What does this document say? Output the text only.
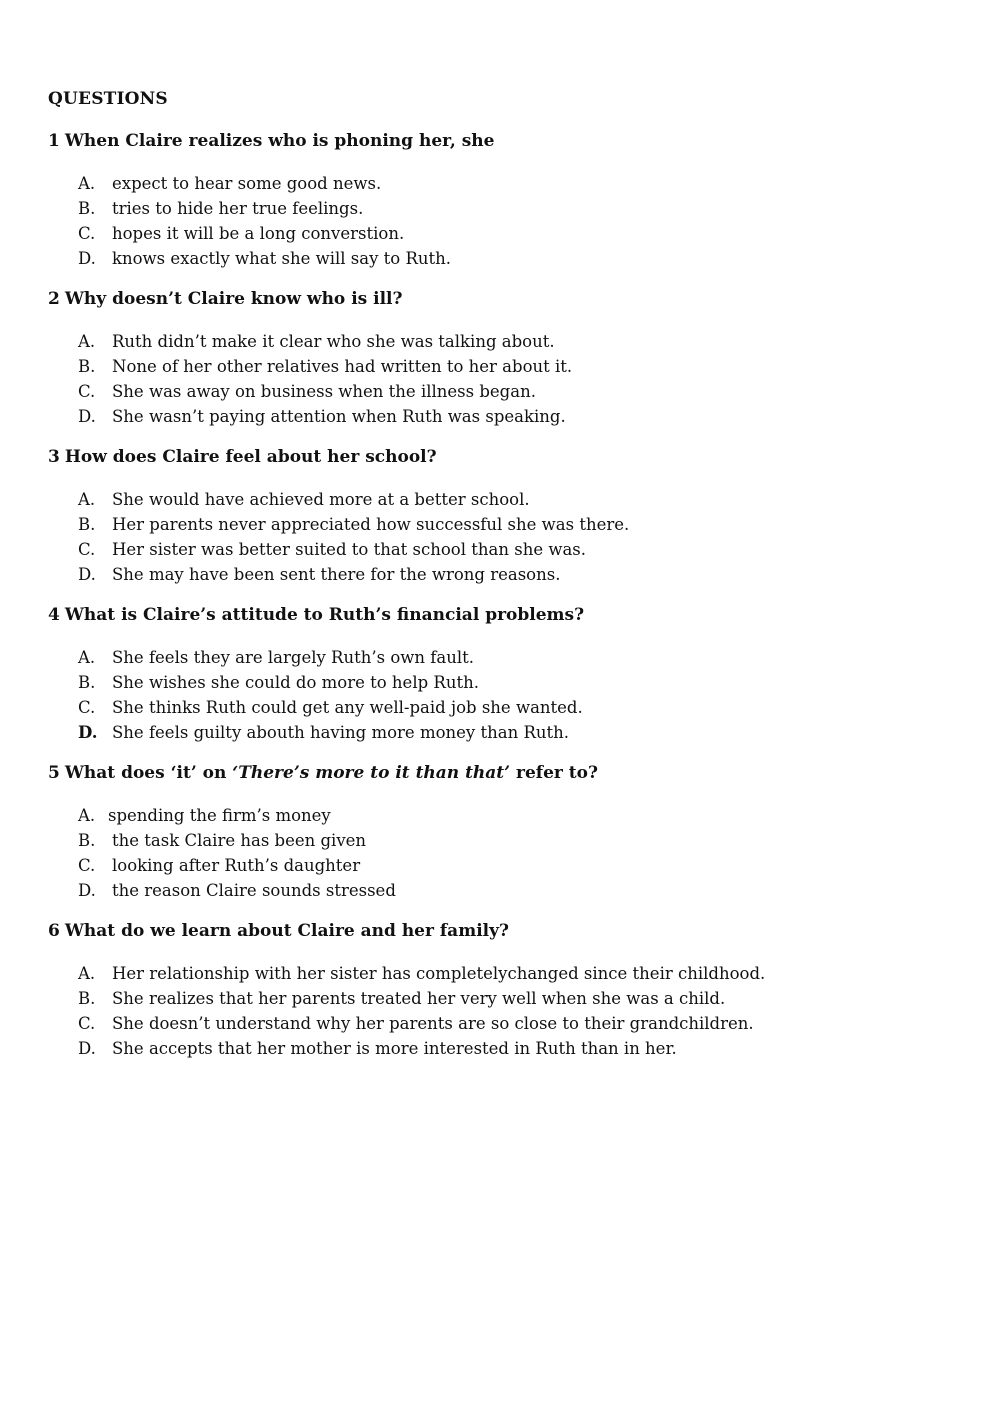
QUESTIONS
1 When Claire realizes who is phoning her, she
A. expect to hear some good news.
B. tries to hide her true feelings.
C. hopes it will be a long converstion.
D. knows exactly what she will say to Ruth.
2 Why doesn’t Claire know who is ill?
A. Ruth didn’t make it clear who she was talking about.
B. None of her other relatives had written to her about it.
C. She was away on business when the illness began.
D. She wasn’t paying attention when Ruth was speaking.
3 How does Claire feel about her school?
A. She would have achieved more at a better school.
B. Her parents never appreciated how successful she was there.
C. Her sister was better suited to that school than she was.
D. She may have been sent there for the wrong reasons.
4 What is Claire’s attitude to Ruth’s financial problems?
A. She feels they are largely Ruth’s own fault.
B. She wishes she could do more to help Ruth.
C. She thinks Ruth could get any well-paid job she wanted.
D. She feels guilty abouth having more money than Ruth.
5 What does ‘it’ on ‘There’s more to it than that’ refer to?
A. spending the firm’s money
B. the task Claire has been given
C. looking after Ruth’s daughter
D. the reason Claire sounds stressed
6 What do we learn about Claire and her family?
A. Her relationship with her sister has completelychanged since their childhood.
B. She realizes that her parents treated her very well when she was a child.
C. She doesn’t understand why her parents are so close to their grandchildren.
D. She accepts that her mother is more interested in Ruth than in her.
